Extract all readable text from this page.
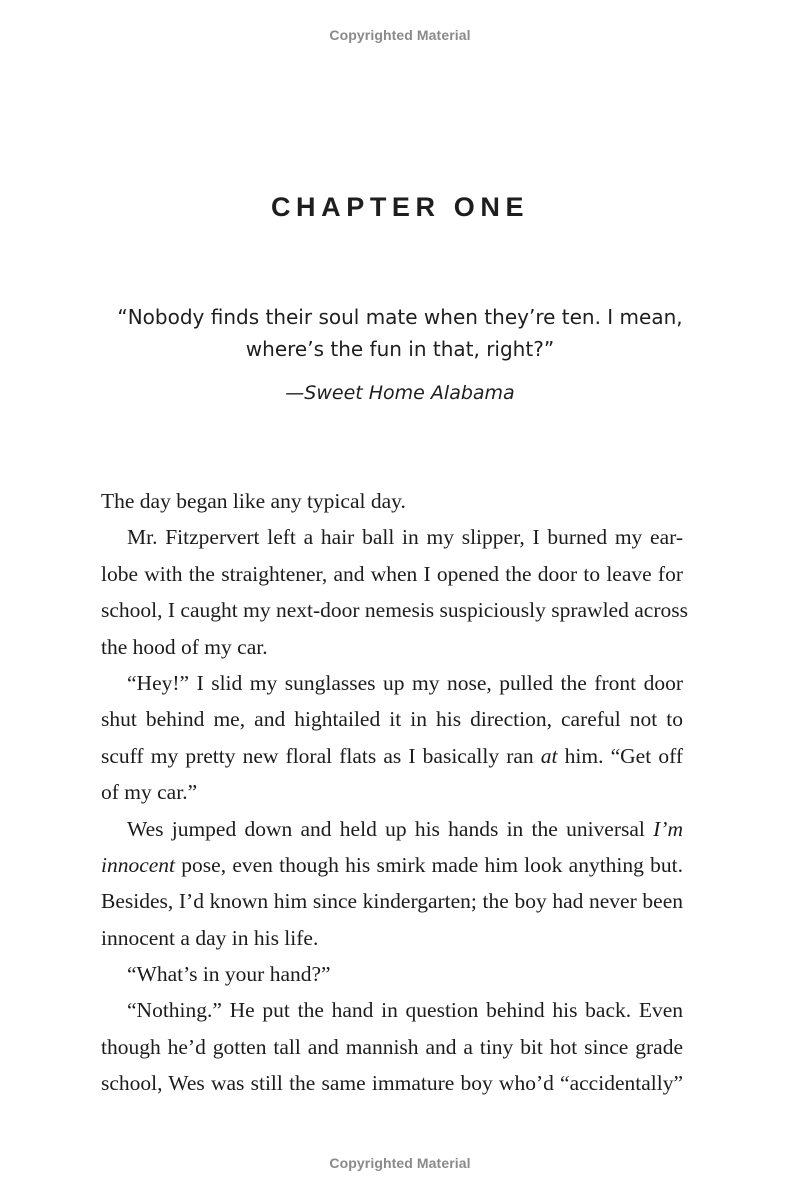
Copyrighted Material
CHAPTER ONE
“Nobody finds their soul mate when they’re ten. I mean,
where’s the fun in that, right?”
—Sweet Home Alabama
The day began like any typical day.
Mr. Fitzpervert left a hair ball in my slipper, I burned my ear-
lobe with the straightener, and when I opened the door to leave for
school, I caught my next-door nemesis suspiciously sprawled across
the hood of my car.
“Hey!” I slid my sunglasses up my nose, pulled the front door
shut behind me, and hightailed it in his direction, careful not to
scuff my pretty new floral flats as I basically ran at him. “Get off
of my car.”
Wes jumped down and held up his hands in the universal I’m
innocent pose, even though his smirk made him look anything but.
Besides, I’d known him since kindergarten; the boy had never been
innocent a day in his life.
“What’s in your hand?”
“Nothing.” He put the hand in question behind his back. Even
though he’d gotten tall and mannish and a tiny bit hot since grade
school, Wes was still the same immature boy who’d “accidentally”
Copyrighted Material
